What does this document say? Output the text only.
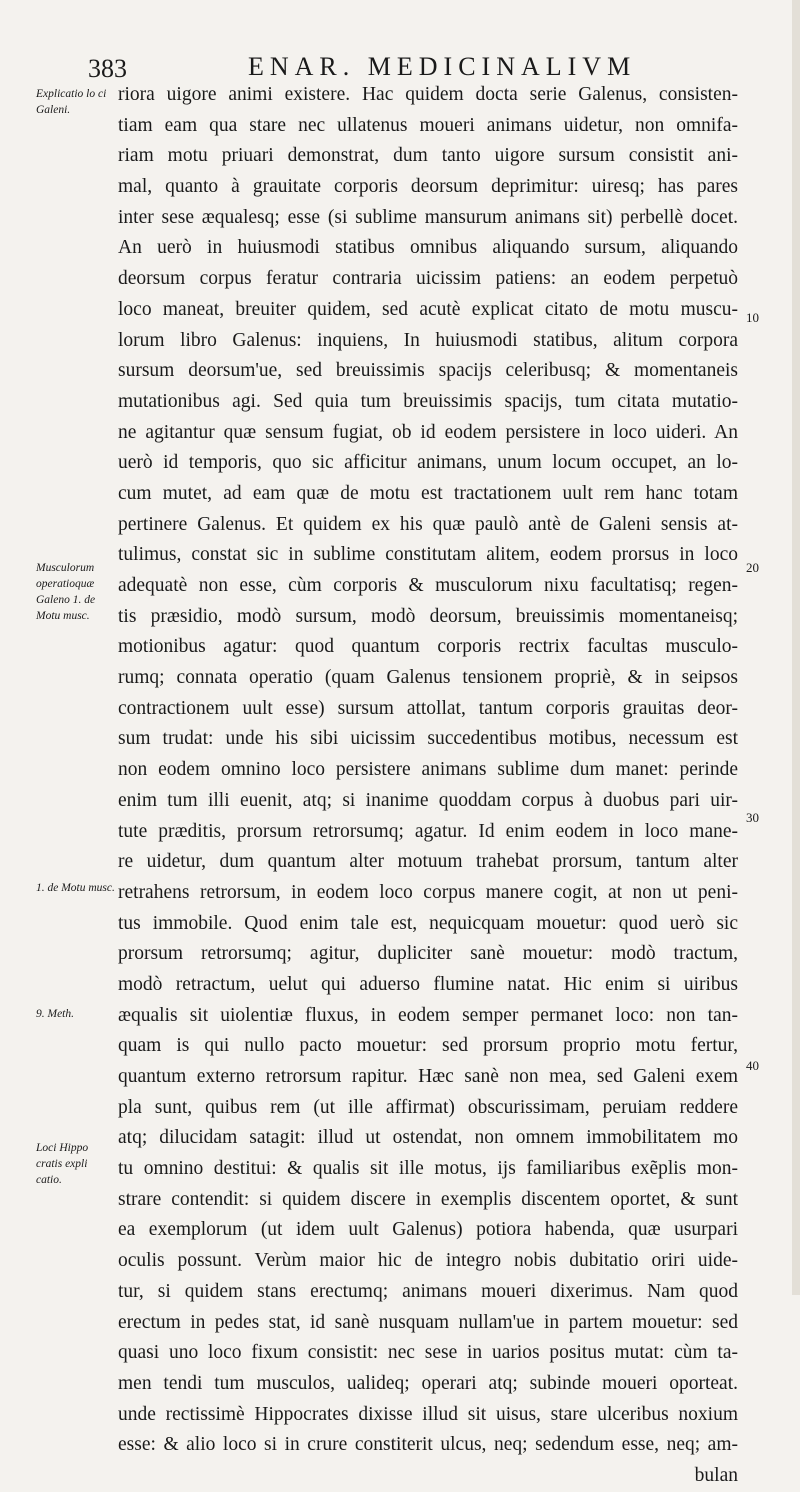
383	ENAR. MEDICINALIVM
Explicatio lo ci Galeni.
Musculorum operatioquæ Galeno 1. de Motu musc.
1. de Motu musc.
9. Meth.
Loci Hippo cratis expli catio.
10
20
30
40
riora uigore animi existere. Hac quidem docta serie Galenus, consisten-
tiam eam qua stare nec ullatenus moueri animans uidetur, non omnifa-
riam motu priuari demonstrat, dum tanto uigore sursum consistit ani-
mal, quanto à grauitate corporis deorsum deprimitur: uiresq; has pares
inter sese æqualesq; esse (si sublime mansurum animans sit) perbellè docet.
An uerò in huiusmodi statibus omnibus aliquando sursum, aliquando
deorsum corpus feratur contraria uicissim patiens: an eodem perpetuò
loco maneat, breuiter quidem, sed acutè explicat citato de motu muscu-
lorum libro Galenus: inquiens, In huiusmodi statibus, alitum corpora
sursum deorsum'ue, sed breuissimis spacijs celeribusq; & momentaneis
mutationibus agi. Sed quia tum breuissimis spacijs, tum citata mutatio-
ne agitantur quæ sensum fugiat, ob id eodem persistere in loco uideri. An
uerò id temporis, quo sic afficitur animans, unum locum occupet, an lo-
cum mutet, ad eam quæ de motu est tractationem uult rem hanc totam
pertinere Galenus. Et quidem ex his quæ paulò antè de Galeni sensis at-
tulimus, constat sic in sublime constitutam alitem, eodem prorsus in loco
adequatè non esse, cùm corporis & musculorum nixu facultatisq; regen-
tis præsidio, modò sursum, modò deorsum, breuissimis momentaneisq;
motionibus agatur: quod quantum corporis rectrix facultas musculo-
rumq; connata operatio (quam Galenus tensionem propriè, & in seipsos
contractionem uult esse) sursum attollat, tantum corporis grauitas deor-
sum trudat: unde his sibi uicissim succedentibus motibus, necessum est
non eodem omnino loco persistere animans sublime dum manet: perinde
enim tum illi euenit, atq; si inanime quoddam corpus à duobus pari uir-
tute præditis, prorsum retrorsumq; agatur. Id enim eodem in loco mane-
re uidetur, dum quantum alter motuum trahebat prorsum, tantum alter
retrahens retrorsum, in eodem loco corpus manere cogit, at non ut peni-
tus immobile. Quod enim tale est, nequicquam mouetur: quod uerò sic
prorsum retrorsumq; agitur, dupliciter sanè mouetur: modò tractum,
modò retractum, uelut qui aduerso flumine natat. Hic enim si uiribus
æqualis sit uiolentiæ fluxus, in eodem semper permanet loco: non tan-
quam is qui nullo pacto mouetur: sed prorsum proprio motu fertur,
quantum externo retrorsum rapitur. Hæc sanè non mea, sed Galeni exem
pla sunt, quibus rem (ut ille affirmat) obscurissimam, peruiam reddere
atq; dilucidam satagit: illud ut ostendat, non omnem immobilitatem mo
tu omnino destitui: & qualis sit ille motus, ijs familiaribus exẽplis mon-
strare contendit: si quidem discere in exemplis discentem oportet, & sunt
ea exemplorum (ut idem uult Galenus) potiora habenda, quæ usurpari
oculis possunt. Verùm maior hic de integro nobis dubitatio oriri uide-
tur, si quidem stans erectumq; animans moueri dixerimus. Nam quod
erectum in pedes stat, id sanè nusquam nullam'ue in partem mouetur: sed
quasi uno loco fixum consistit: nec sese in uarios positus mutat: cùm ta-
men tendi tum musculos, ualideq; operari atq; subinde moueri oporteat.
unde rectissimè Hippocrates dixisse illud sit uisus, stare ulceribus noxium
esse: & alio loco si in crure constiterit ulcus, neq; sedendum esse, neq; am-
bulan
